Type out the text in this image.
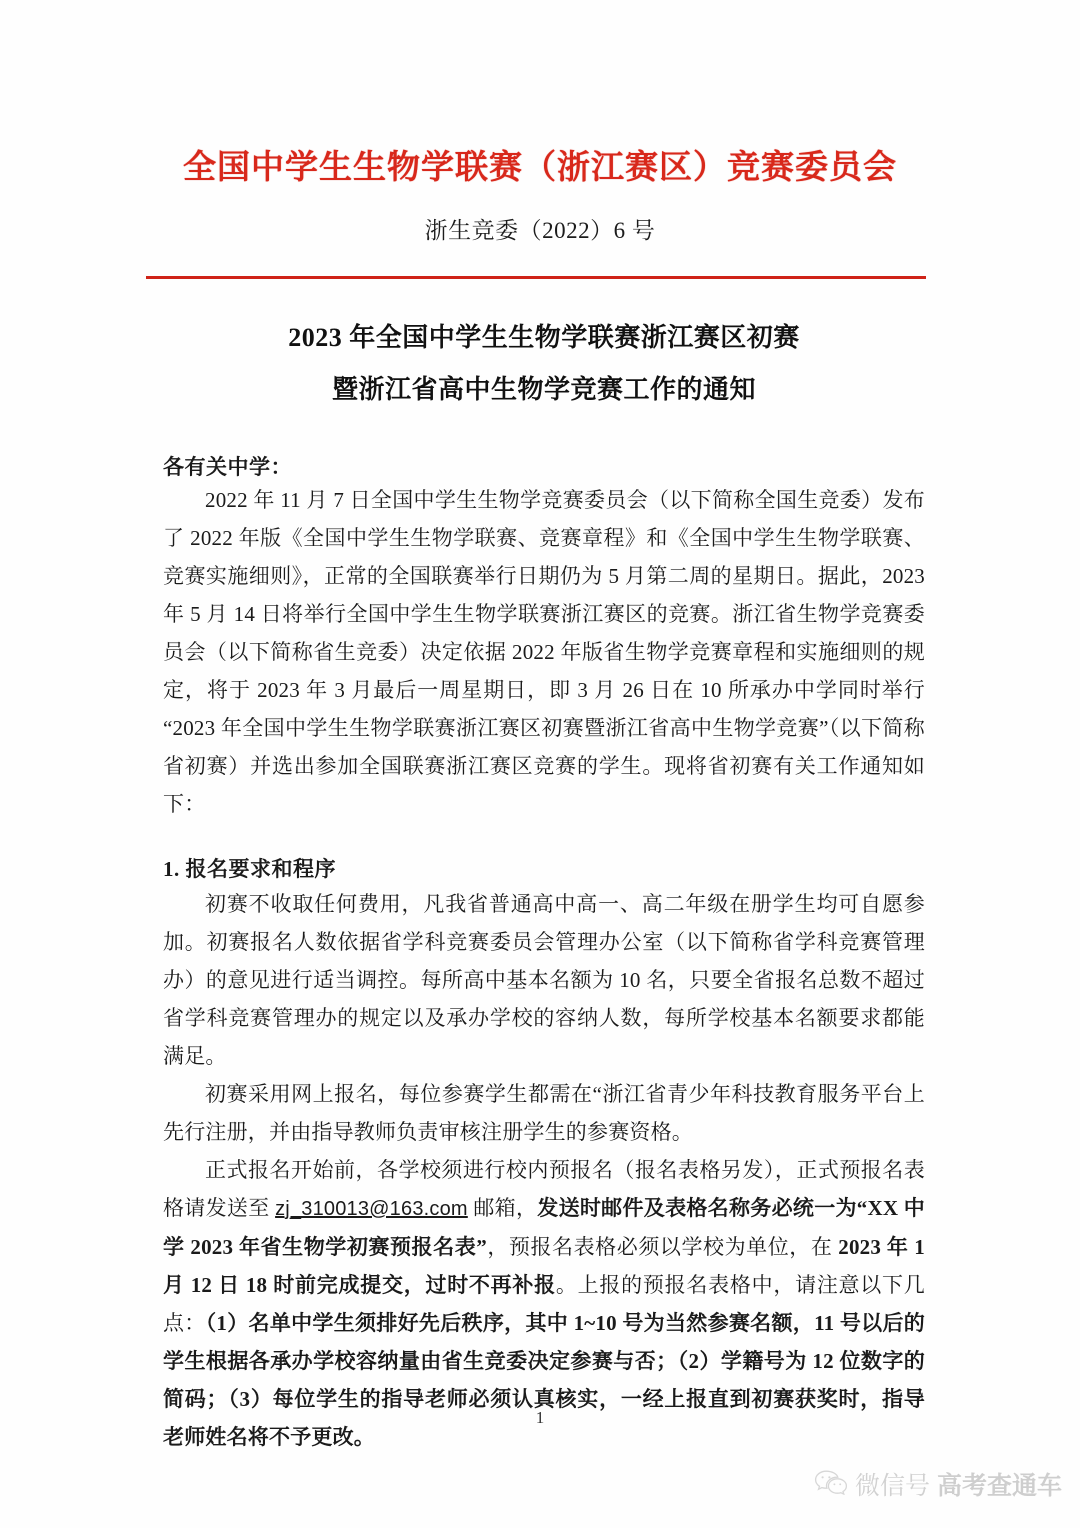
全国中学生生物学联赛（浙江赛区）竞赛委员会
浙生竞委（2022）6 号
2023 年全国中学生生物学联赛浙江赛区初赛
暨浙江省高中生物学竞赛工作的通知
各有关中学：

2022 年 11 月 7 日全国中学生生物学竞赛委员会（以下简称全国生竞委）发布了 2022 年版《全国中学生生物学联赛、竞赛章程》和《全国中学生生物学联赛、竞赛实施细则》，正常的全国联赛举行日期仍为 5 月第二周的星期日。据此，2023 年 5 月 14 日将举行全国中学生生物学联赛浙江赛区的竞赛。浙江省生物学竞赛委员会（以下简称省生竞委）决定依据 2022 年版省生物学竞赛章程和实施细则的规定，将于 2023 年 3 月最后一周星期日，即 3 月 26 日在 10 所承办中学同时举行“2023 年全国中学生生物学联赛浙江赛区初赛暨浙江省高中生物学竞赛”（以下简称省初赛）并选出参加全国联赛浙江赛区竞赛的学生。现将省初赛有关工作通知如下：

1. 报名要求和程序

初赛不收取任何费用，凡我省普通高中高一、高二年级在册学生均可自愿参加。初赛报名人数依据省学科竞赛委员会管理办公室（以下简称省学科竞赛管理办）的意见进行适当调控。每所高中基本名额为 10 名，只要全省报名总数不超过省学科竞赛管理办的规定以及承办学校的容纳人数，每所学校基本名额要求都能满足。

初赛采用网上报名，每位参赛学生都需在“浙江省青少年科技教育服务平台上先行注册，并由指导教师负责审核注册学生的参赛资格。

正式报名开始前，各学校须进行校内预报名（报名表格另发），正式预报名表格请发送至 zj_310013@163.com 邮箱，发送时邮件及表格名称务必统一为“XX 中学 2023 年省生物学初赛预报名表”，预报名表格必须以学校为单位，在 2023 年 1 月 12 日 18 时前完成提交，过时不再补报。上报的预报名表格中，请注意以下几点：（1）名单中学生须排好先后秩序，其中 1~10 号为当然参赛名额，11 号以后的学生根据各承办学校容纳量由省生竞委决定参赛与否；（2）学籍号为 12 位数字的简码；（3）每位学生的指导老师必须认真核实，一经上报直到初赛获奖时，指导老师姓名将不予更改。

1
微信号 高考查通车
